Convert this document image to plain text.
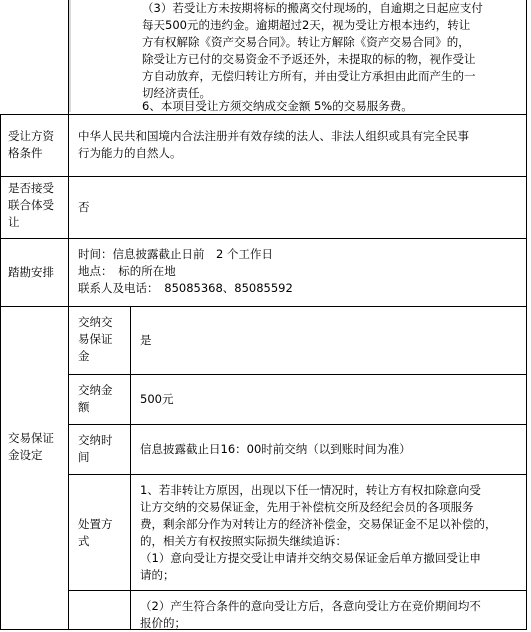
（3）若受让方未按期将标的搬离交付现场的，自逾期之日起应支付
每天500元的违约金。逾期超过2天，视为受让方根本违约，转让
方有权解除《资产交易合同》。转让方解除《资产交易合同》的，
除受让方已付的交易资金不予返还外，未提取的标的物，视作受让
方自动放弃，无偿归转让方所有，并由受让方承担由此而产生的一
切经济责任。
6、本项目受让方须交纳成交金额 5%的交易服务费。
受让方资
格条件
中华人民共和国境内合法注册并有效存续的法人、非法人组织或具有完全民事
行为能力的自然人。
是否接受
联合体受
让
否
踏勘安排
时间：信息披露截止日前　2 个工作日
地点：　标的所在地
联系人及电话：　85085368、85085592
交易保证
金设定
交纳交
易保证
金
是
交纳金
额
500元
交纳时
间
信息披露截止日16：00时前交纳（以到账时间为准）
处置方
式
1、若非转让方原因，出现以下任一情况时，转让方有权扣除意向受
让方交纳的交易保证金，先用于补偿杭交所及经纪会员的各项服务
费，剩余部分作为对转让方的经济补偿金，交易保证金不足以补偿的，
的，相关方有权按照实际损失继续追诉：
（1）意向受让方提交受让申请并交纳交易保证金后单方撤回受让申
请的；
（2）产生符合条件的意向受让方后，各意向受让方在竞价期间均不
报价的；
